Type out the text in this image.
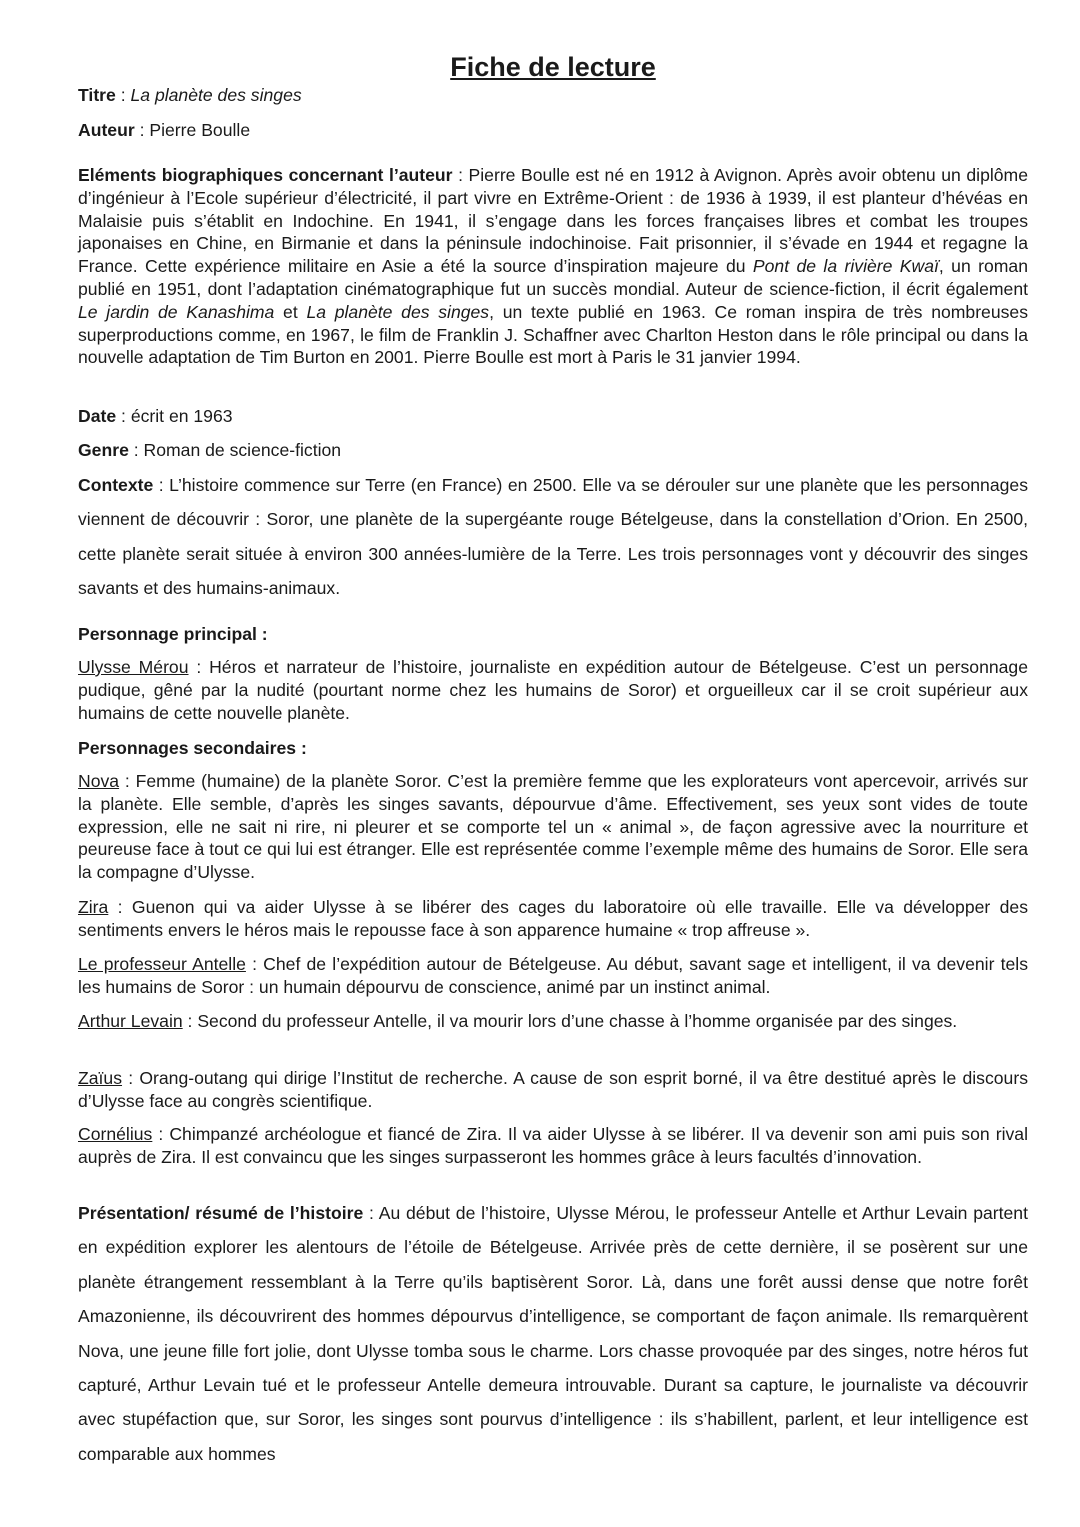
Fiche de lecture

Titre : La planète des singes

Auteur : Pierre Boulle

Eléments biographiques concernant l’auteur : Pierre Boulle est né en 1912 à Avignon. Après avoir obtenu un diplôme d’ingénieur à l’Ecole supérieur d’électricité, il part vivre en Extrême-Orient : de 1936 à 1939, il est planteur d’hévéas en Malaisie puis s’établit en Indochine. En 1941, il s’engage dans les forces françaises libres et combat les troupes japonaises en Chine, en Birmanie et dans la péninsule indochinoise. Fait prisonnier, il s’évade en 1944 et regagne la France. Cette expérience militaire en Asie a été la source d’inspiration majeure du Pont de la rivière Kwaï, un roman publié en 1951, dont l’adaptation cinématographique fut un succès mondial. Auteur de science-fiction, il écrit également Le jardin de Kanashima et La planète des singes, un texte publié en 1963. Ce roman inspira de très nombreuses superproductions comme, en 1967, le film de Franklin J. Schaffner avec Charlton Heston dans le rôle principal ou dans la nouvelle adaptation de Tim Burton en 2001. Pierre Boulle est mort à Paris le 31 janvier 1994.

Date : écrit en 1963

Genre : Roman de science-fiction

Contexte : L’histoire commence sur Terre (en France) en 2500. Elle va se dérouler sur une planète que les personnages viennent de découvrir : Soror, une planète de la supergéante rouge Bételgeuse, dans la constellation d’Orion. En 2500, cette planète serait située à environ 300 années-lumière de la Terre. Les trois personnages vont y découvrir des singes savants et des humains-animaux.

Personnage principal :

Ulysse Mérou : Héros et narrateur de l’histoire, journaliste en expédition autour de Bételgeuse. C’est un personnage pudique, gêné par la nudité (pourtant norme chez les humains de Soror) et orgueilleux car il se croit supérieur aux humains de cette nouvelle planète.

Personnages secondaires :

Nova : Femme (humaine) de la planète Soror. C’est la première femme que les explorateurs vont apercevoir, arrivés sur la planète. Elle semble, d’après les singes savants, dépourvue d’âme. Effectivement, ses yeux sont vides de toute expression, elle ne sait ni rire, ni pleurer et se comporte tel un « animal », de façon agressive avec la nourriture et peureuse face à tout ce qui lui est étranger. Elle est représentée comme l’exemple même des humains de Soror. Elle sera la compagne d’Ulysse.

Zira : Guenon qui va aider Ulysse à se libérer des cages du laboratoire où elle travaille. Elle va développer des sentiments envers le héros mais le repousse face à son apparence humaine « trop affreuse ».

Le professeur Antelle : Chef de l’expédition autour de Bételgeuse. Au début, savant sage et intelligent, il va devenir tels les humains de Soror : un humain dépourvu de conscience, animé par un instinct animal.

Arthur Levain : Second du professeur Antelle, il va mourir lors d’une chasse à l’homme organisée par des singes.

Zaïus : Orang-outang qui dirige l’Institut de recherche. A cause de son esprit borné, il va être destitué après le discours d’Ulysse face au congrès scientifique.

Cornélius : Chimpanzé archéologue et fiancé de Zira. Il va aider Ulysse à se libérer. Il va devenir son ami puis son rival auprès de Zira. Il est convaincu que les singes surpasseront les hommes grâce à leurs facultés d’innovation.

Présentation/ résumé de l’histoire : Au début de l’histoire, Ulysse Mérou, le professeur Antelle et Arthur Levain partent en expédition explorer les alentours de l’étoile de Bételgeuse. Arrivée près de cette dernière, il se posèrent sur une planète étrangement ressemblant à la Terre qu’ils baptisèrent Soror. Là, dans une forêt aussi dense que notre forêt Amazonienne, ils découvrirent des hommes dépourvus d’intelligence, se comportant de façon animale. Ils remarquèrent Nova, une jeune fille fort jolie, dont Ulysse tomba sous le charme. Lors chasse provoquée par des singes, notre héros fut capturé, Arthur Levain tué et le professeur Antelle demeura introuvable. Durant sa capture, le journaliste va découvrir avec stupéfaction que, sur Soror, les singes sont pourvus d’intelligence : ils s’habillent, parlent, et leur intelligence est comparable aux hommes
